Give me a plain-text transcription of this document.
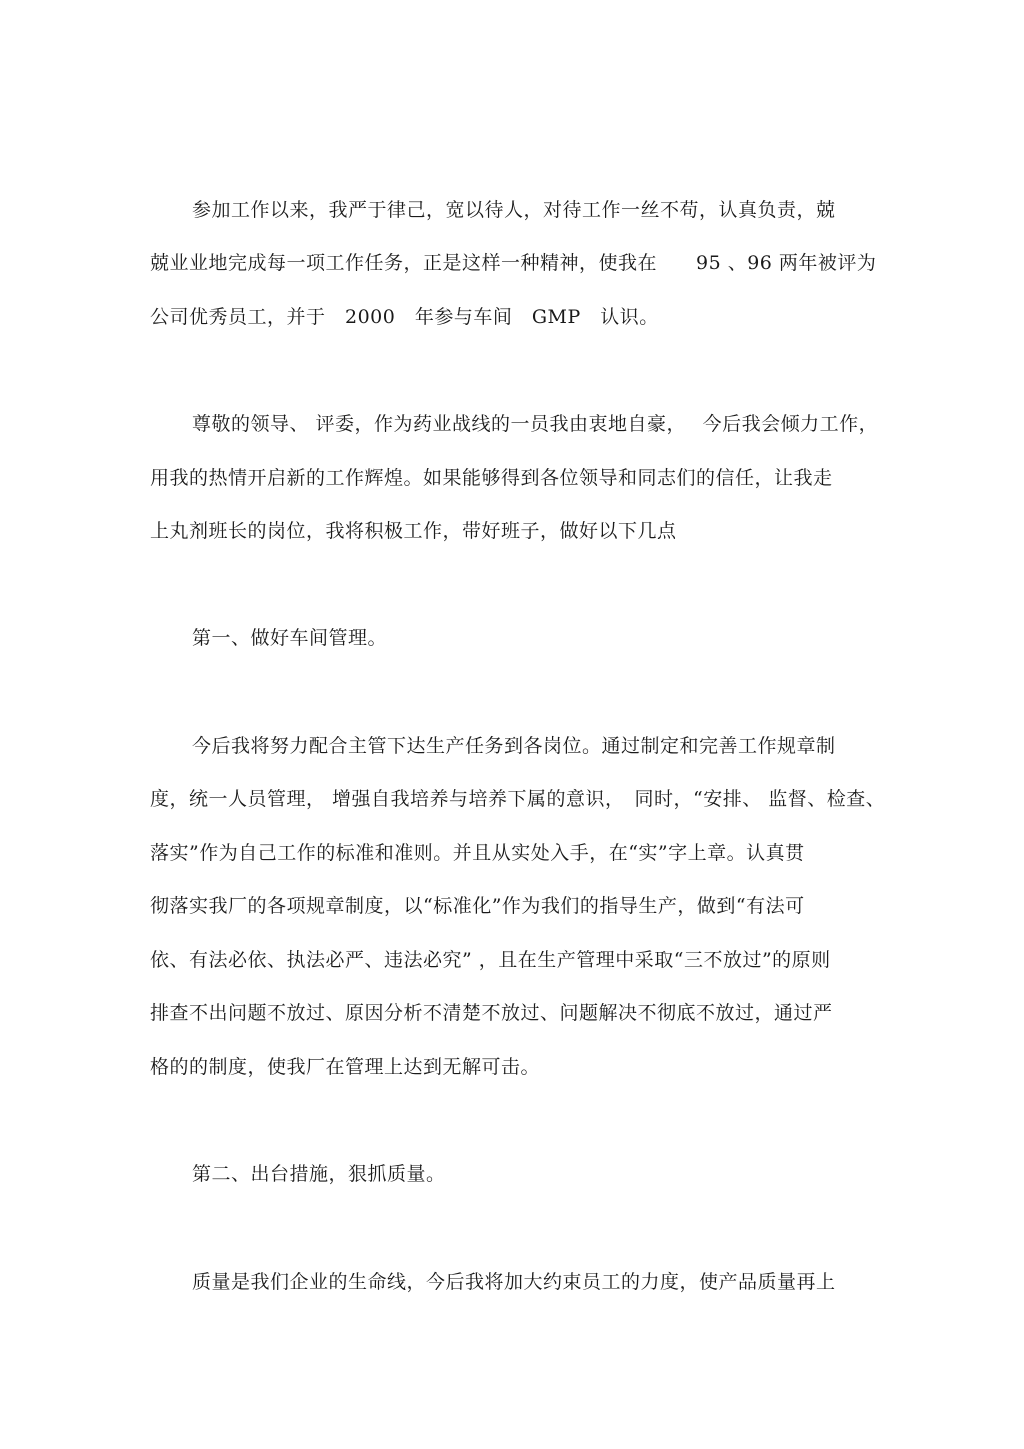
参加工作以来，我严于律己，宽以待人，对待工作一丝不苟，认真负责，兢
兢业业地完成每一项工作任务，正是这样一种精神，使我在　　95 、96 两年被评为
公司优秀员工，并于　2000　年参与车间　GMP　认识。
尊敬的领导、 评委，作为药业战线的一员我由衷地自豪，　 今后我会倾力工作，
用我的热情开启新的工作辉煌。如果能够得到各位领导和同志们的信任，让我走
上丸剂班长的岗位，我将积极工作，带好班子，做好以下几点
第一、做好车间管理。
今后我将努力配合主管下达生产任务到各岗位。通过制定和完善工作规章制
度，统一人员管理， 增强自我培养与培养下属的意识，　同时，“安排、 监督、检查、
落实”作为自己工作的标准和准则。并且从实处入手，在“实”字上章。认真贯
彻落实我厂的各项规章制度，以“标准化”作为我们的指导生产，做到“有法可
依、有法必依、执法必严、违法必究” ，且在生产管理中采取“三不放过”的原则
排查不出问题不放过、原因分析不清楚不放过、问题解决不彻底不放过，通过严
格的的制度，使我厂在管理上达到无解可击。
第二、出台措施，狠抓质量。
质量是我们企业的生命线，今后我将加大约束员工的力度，使产品质量再上
